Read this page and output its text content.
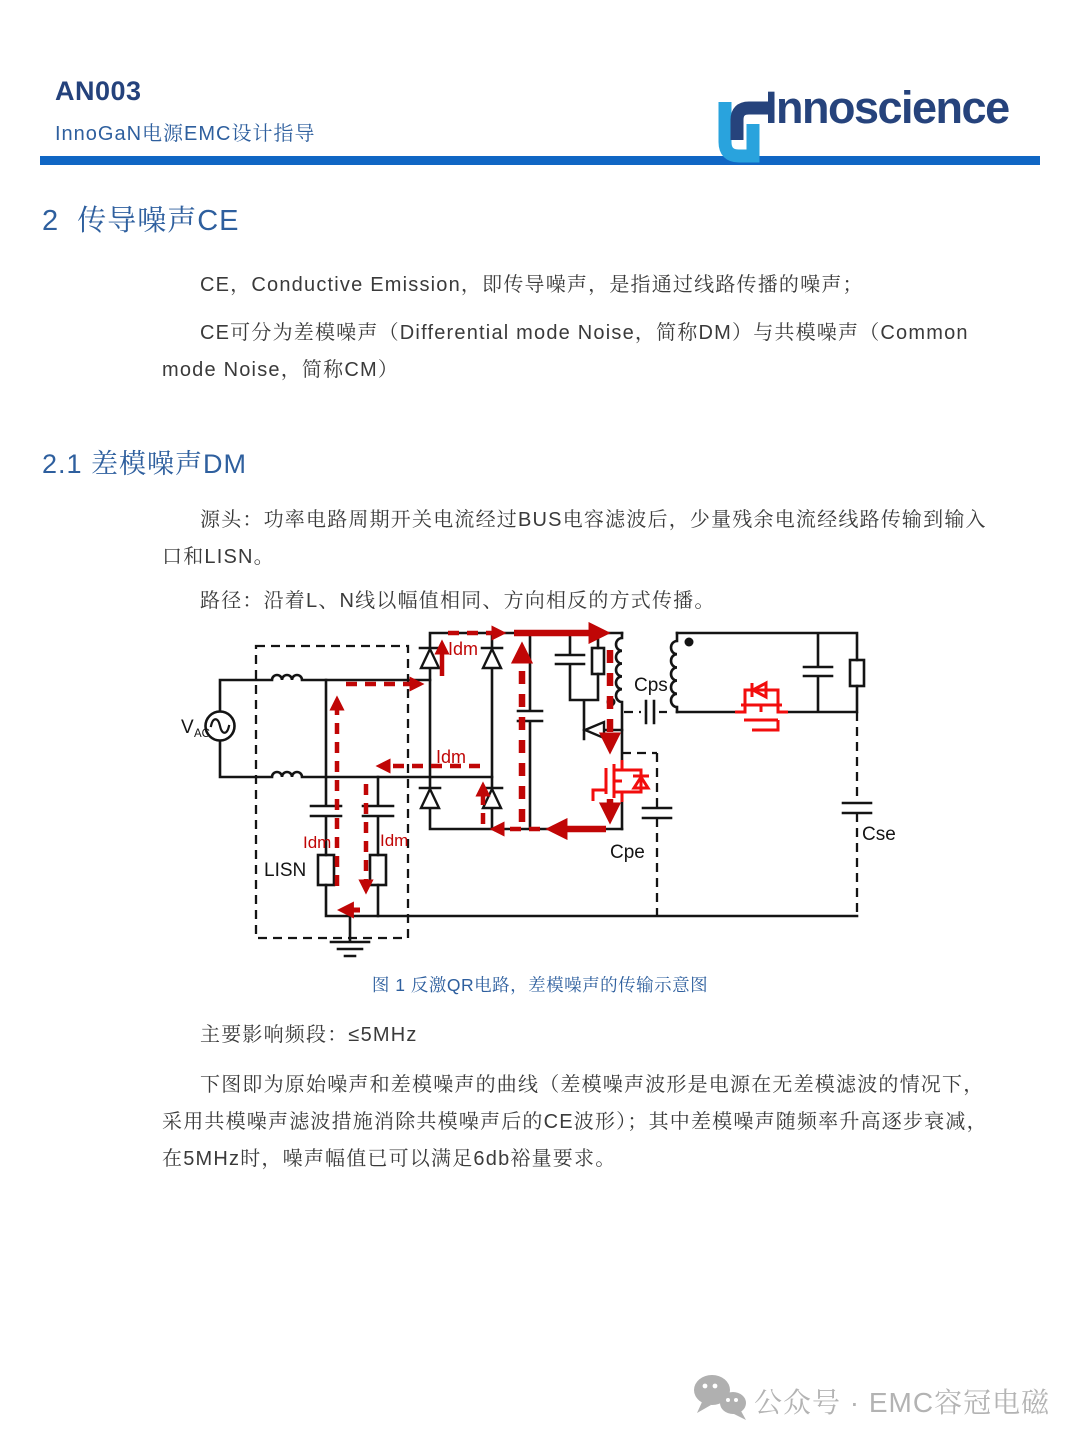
AN003
InnoGaN电源EMC设计指导

Innoscience

2  传导噪声CE
CE，Conductive Emission，即传导噪声，是指通过线路传播的噪声；
CE可分为差模噪声（Differential mode Noise，简称DM）与共模噪声（Common
mode Noise，简称CM）
2.1 差模噪声DM
源头：功率电路周期开关电流经过BUS电容滤波后，少量残余电流经线路传输到输入
口和LISN。
路径：沿着L、N线以幅值相同、方向相反的方式传播。
V AC
LISN
Idm
Idm
Idm	Idm
Cps
Cpe
Cse
图 1 反激QR电路，差模噪声的传输示意图
主要影响频段：≤5MHz
下图即为原始噪声和差模噪声的曲线（差模噪声波形是电源在无差模滤波的情况下，
采用共模噪声滤波措施消除共模噪声后的CE波形）；其中差模噪声随频率升高逐步衰减，
在5MHz时，噪声幅值已可以满足6db裕量要求。
公众号 · EMC容冠电磁
